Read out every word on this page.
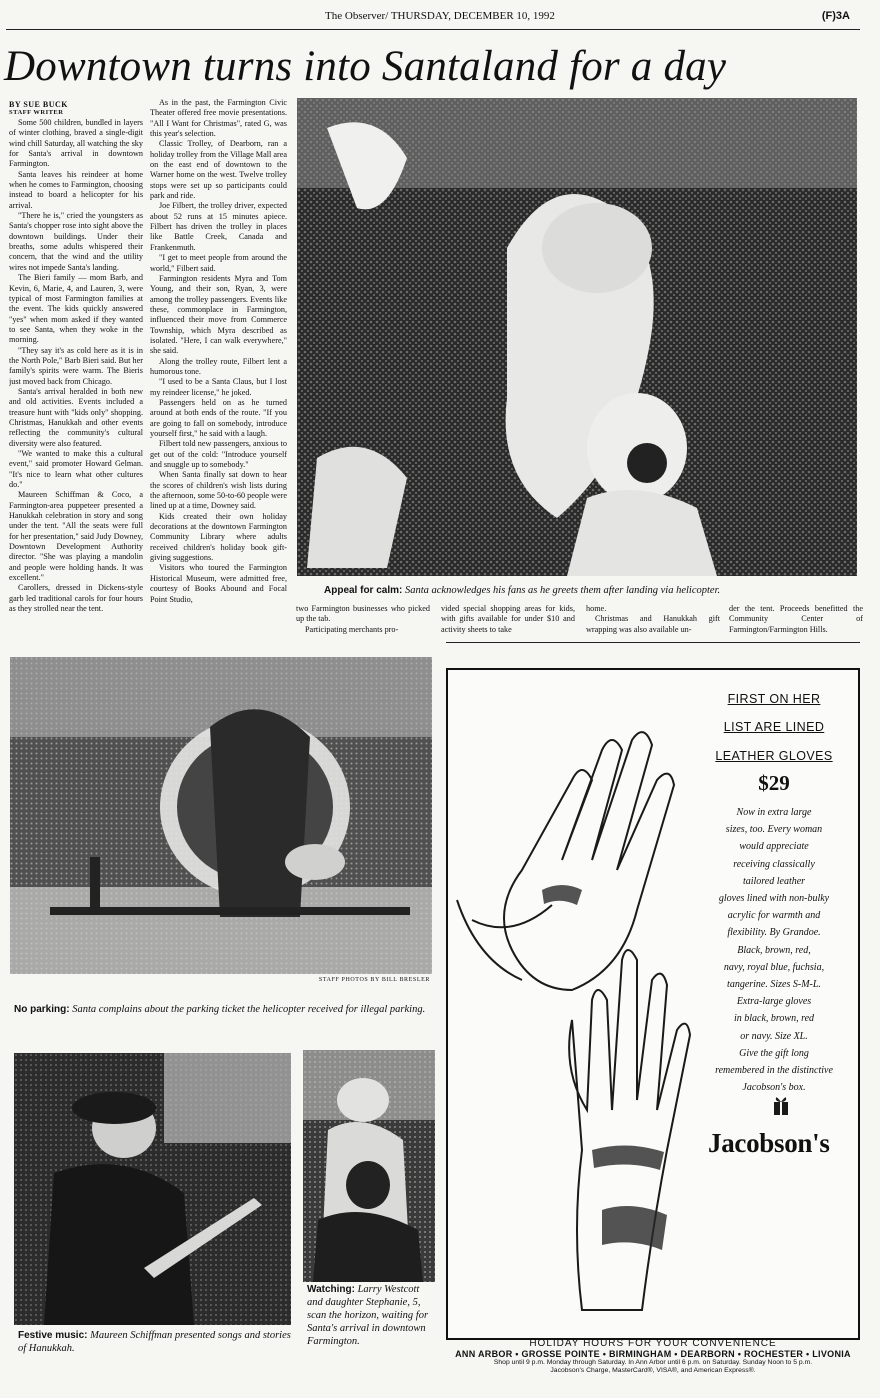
The Observer/ THURSDAY, DECEMBER 10, 1992	(F)3A
Downtown turns into Santaland for a day
BY SUE BUCK
STAFF WRITER

Some 500 children, bundled in layers of winter clothing, braved a single-digit wind chill Saturday, all watching the sky for Santa's arrival in downtown Farmington.

Santa leaves his reindeer at home when he comes to Farmington, choosing instead to board a helicopter for his arrival.

"There he is," cried the youngsters as Santa's chopper rose into sight above the downtown buildings. Under their breaths, some adults whispered their concern, that the wind and the utility wires not impede Santa's landing.

The Bieri family — mom Barb, and Kevin, 6, Marie, 4, and Lauren, 3, were typical of most Farmington families at the event. The kids quickly answered "yes" when mom asked if they wanted to see Santa, when they woke in the morning.

"They say it's as cold here as it is in the North Pole," Barb Bieri said. But her family's spirits were warm. The Bieris just moved back from Chicago.

Santa's arrival heralded in both new and old activities. Events included a treasure hunt with "kids only" shopping. Christmas, Hanukkah and other events reflecting the community's cultural diversity were also featured.

"We wanted to make this a cultural event," said promoter Howard Gelman. "It's nice to learn what other cultures do."

Maureen Schiffman & Coco, a Farmington-area puppeteer presented a Hanukkah celebration in story and song under the tent. "All the seats were full for her presentation," said Judy Downey, Downtown Development Authority director. "She was playing a mandolin and people were holding hands. It was excellent."

Carollers, dressed in Dickens-style garb led traditional carols for four hours as they strolled near the tent.

As in the past, the Farmington Civic Theater offered free movie presentations. "All I Want for Christmas", rated G, was this year's selection.

Classic Trolley, of Dearborn, ran a holiday trolley from the Village Mall area on the east end of downtown to the Warner home on the west. Twelve trolley stops were set up so participants could park and ride.

Joe Filbert, the trolley driver, expected about 52 runs at 15 minutes apiece. Filbert has driven the trolley in places like Battle Creek, Canada and Frankenmuth.

"I get to meet people from around the world," Filbert said.

Farmington residents Myra and Tom Young, and their son, Ryan, 3, were among the trolley passengers. Events like these, commonplace in Farmington, influenced their move from Commerce Township, which Myra described as isolated. "Here, I can walk everywhere," she said.

Along the trolley route, Filbert lent a humorous tone.

"I used to be a Santa Claus, but I lost my reindeer license," he joked.

Passengers held on as he turned around at both ends of the route. "If you are going to fall on somebody, introduce yourself first," he said with a laugh.

Filbert told new passengers, anxious to get out of the cold: "Introduce yourself and snuggle up to somebody."

When Santa finally sat down to hear the scores of children's wish lists during the afternoon, some 50-to-60 people were lined up at a time, Downey said.

Kids created their own holiday decorations at the downtown Farmington Community Library where adults received children's holiday book gift-giving suggestions.

Visitors who toured the Farmington Historical Museum, were admitted free, courtesy of Books Abound and Focal Point Studio,

Appeal for calm: Santa acknowledges his fans as he greets them after landing via helicopter.

two Farmington businesses who picked up the tab.

Participating merchants pro-

vided special shopping areas for kids, with gifts available for under $10 and activity sheets to take

home.

Christmas and Hanukkah gift wrapping was also available un-

der the tent. Proceeds benefitted the Community Center of Farmington/Farmington Hills.

STAFF PHOTOS BY BILL BRESLER
No parking: Santa complains about the parking ticket the helicopter received for illegal parking.
Festive music: Maureen Schiffman presented songs and stories of Hanukkah.
Watching: Larry Westcott and daughter Stephanie, 5, scan the horizon, waiting for Santa's arrival in downtown Farmington.
FIRST ON HER
LIST ARE LINED
LEATHER GLOVES
$29
Now in extra large
sizes, too. Every woman
would appreciate
receiving classically
tailored leather
gloves lined with non-bulky
acrylic for warmth and
flexibility. By Grandoe.
Black, brown, red,
navy, royal blue, fuchsia,
tangerine. Sizes S-M-L.
Extra-large gloves
in black, brown, red
or navy. Size XL.
Give the gift long
remembered in the distinctive
Jacobson's box.
Jacobson's
HOLIDAY HOURS FOR YOUR CONVENIENCE
ANN ARBOR • GROSSE POINTE • BIRMINGHAM • DEARBORN • ROCHESTER • LIVONIA
Shop until 9 p.m. Monday through Saturday. In Ann Arbor until 6 p.m. on Saturday. Sunday Noon to 5 p.m.
Jacobson's Charge, MasterCard®, VISA®, and American Express®.
